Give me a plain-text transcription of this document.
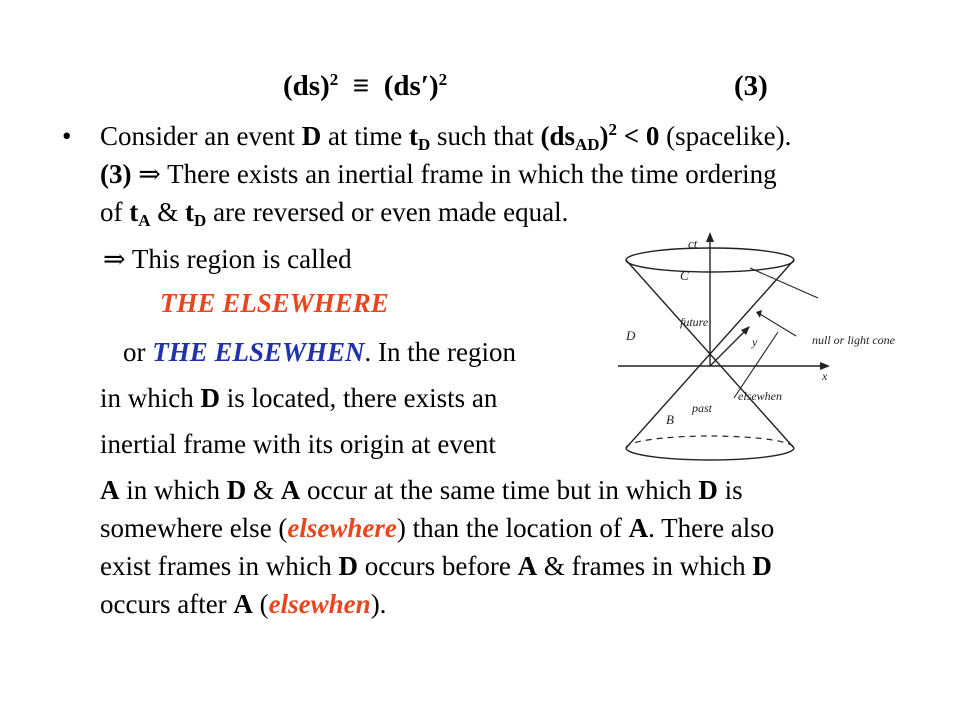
$(ds)^2 \equiv (ds')^2$	(3)
• Consider an event D at time $t_D$ such that $(ds_{AD})^2 < 0$ (spacelike).
(3) ⇒ There exists an inertial frame in which the time ordering
of $t_A$ & $t_D$ are reversed or even made equal.
⇒ This region is called
THE ELSEWHERE
or THE ELSEWHEN. In the region
in which D is located, there exists an
inertial frame with its origin at event
A in which D & A occur at the same time but in which D is
somewhere else (elsewhere) than the location of A. There also
exist frames in which D occurs before A & frames in which D
occurs after A (elsewhen).
ct
x
y
C
future
D	null or light cone
elsewhen
B
past
